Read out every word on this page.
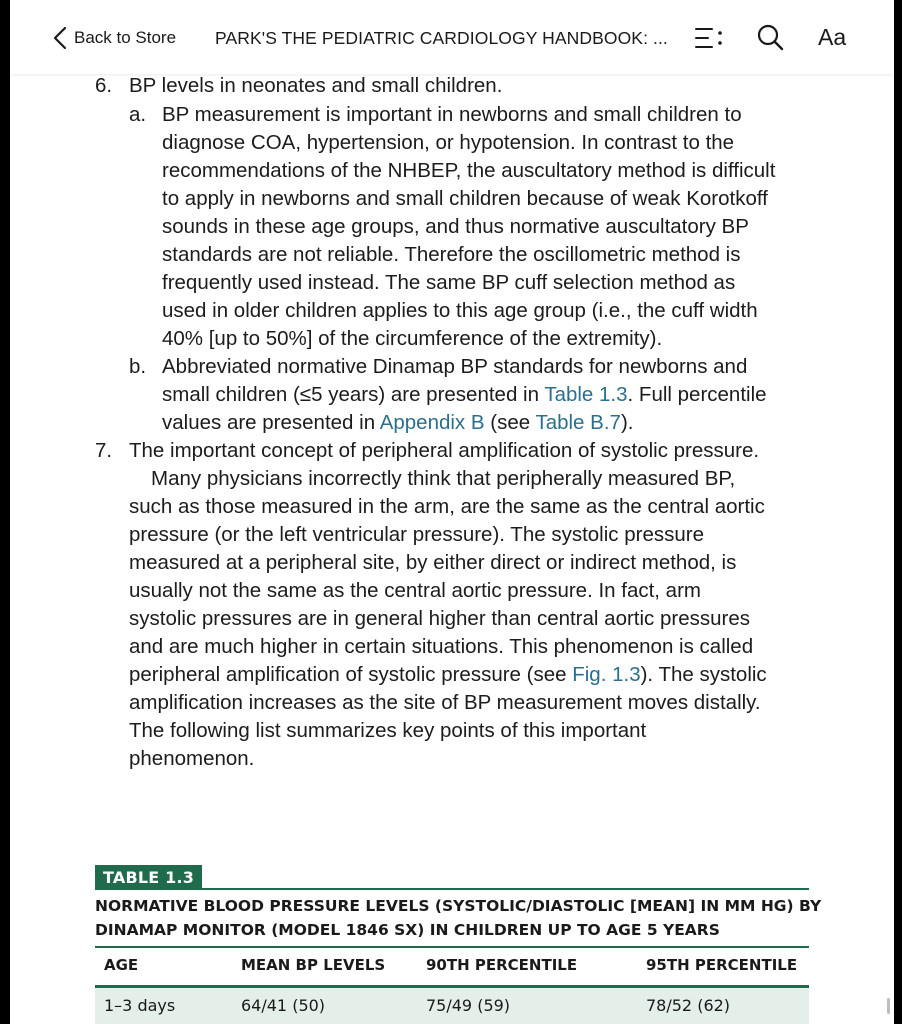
Back to Store PARK'S THE PEDIATRIC CARDIOLOGY HANDBOOK: ...	Aa
6. BP levels in neonates and small children.
a. BP measurement is important in newborns and small children to
diagnose COA, hypertension, or hypotension. In contrast to the
recommendations of the NHBEP, the auscultatory method is difficult
to apply in newborns and small children because of weak Korotkoff
sounds in these age groups, and thus normative auscultatory BP
standards are not reliable. Therefore the oscillometric method is
frequently used instead. The same BP cuff selection method as
used in older children applies to this age group (i.e., the cuff width
40% [up to 50%] of the circumference of the extremity).
b. Abbreviated normative Dinamap BP standards for newborns and
small children (≤5 years) are presented in Table 1.3. Full percentile
values are presented in Appendix B (see Table B.7).
7. The important concept of peripheral amplification of systolic pressure.
Many physicians incorrectly think that peripherally measured BP,
such as those measured in the arm, are the same as the central aortic
pressure (or the left ventricular pressure). The systolic pressure
measured at a peripheral site, by either direct or indirect method, is
usually not the same as the central aortic pressure. In fact, arm
systolic pressures are in general higher than central aortic pressures
and are much higher in certain situations. This phenomenon is called
peripheral amplification of systolic pressure (see Fig. 1.3). The systolic
amplification increases as the site of BP measurement moves distally.
The following list summarizes key points of this important
phenomenon.
TABLE 1.3
NORMATIVE BLOOD PRESSURE LEVELS (SYSTOLIC/DIASTOLIC [MEAN] IN MM HG) BY
DINAMAP MONITOR (MODEL 1846 SX) IN CHILDREN UP TO AGE 5 YEARS
AGE	MEAN BP LEVELS	90TH PERCENTILE	95TH PERCENTILE
1–3 days	64/41 (50)	75/49 (59)	78/52 (62)
